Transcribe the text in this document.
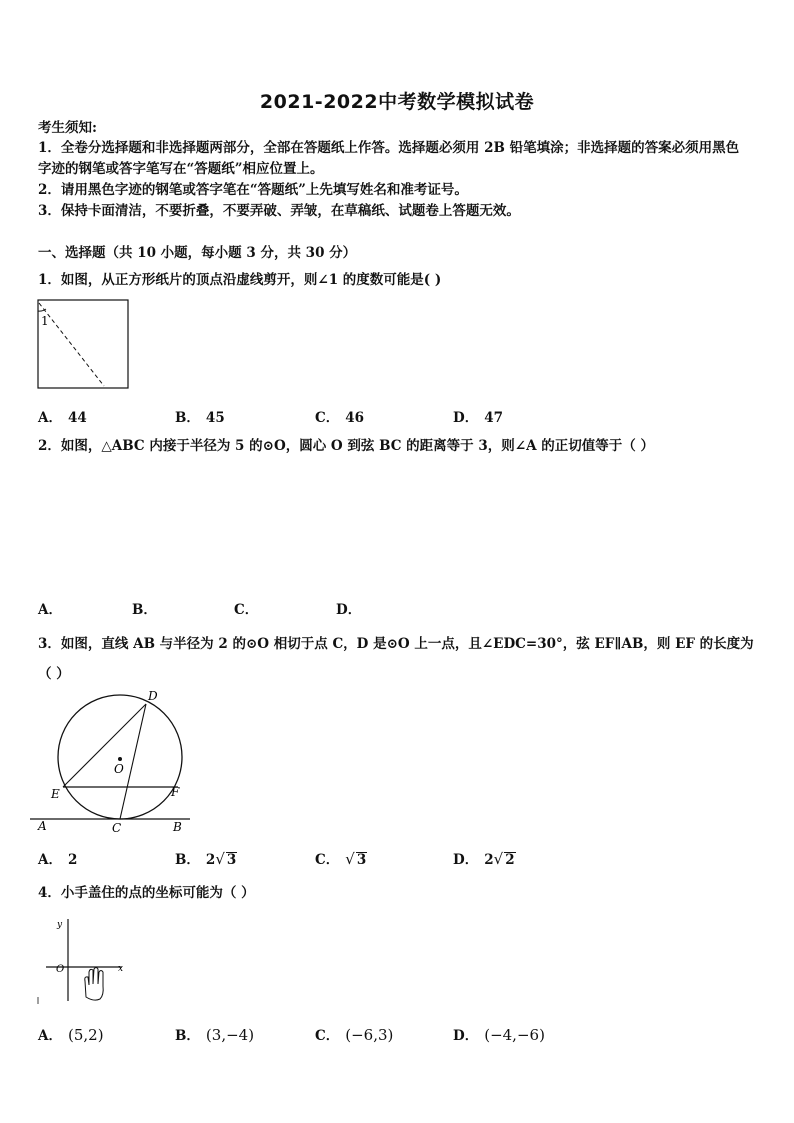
2021-2022中考数学模拟试卷
考生须知:
1．全卷分选择题和非选择题两部分，全部在答题纸上作答。选择题必须用 2B 铅笔填涂；非选择题的答案必须用黑色
字迹的钢笔或答字笔写在“答题纸”相应位置上。
2．请用黑色字迹的钢笔或答字笔在“答题纸”上先填写姓名和准考证号。
3．保持卡面清洁，不要折叠，不要弄破、弄皱，在草稿纸、试题卷上答题无效。
一、选择题（共 10 小题，每小题 3 分，共 30 分）
1．如图，从正方形纸片的顶点沿虚线剪开，则∠1 的度数可能是( )
1
A． 44	B． 45	C． 46	D． 47
2．如图，△ABC 内接于半径为 5 的⊙O，圆心 O 到弦 BC 的距离等于 3，则∠A 的正切值等于（ ）
A．	B．	C．	D．
3．如图，直线 AB 与半径为 2 的⊙O 相切于点 C，D 是⊙O 上一点，且∠EDC=30°，弦 EF∥AB，则 EF 的长度为
（ ）
D
O
E	F
A	C	B
A． 2	B． 2√ 3	C． √ 3	D． 2√ 2
4．小手盖住的点的坐标可能为（ ）
y
x
O
A． (5,2)	B． (3,−4)	C． (−6,3)	D． (−4,−6)
